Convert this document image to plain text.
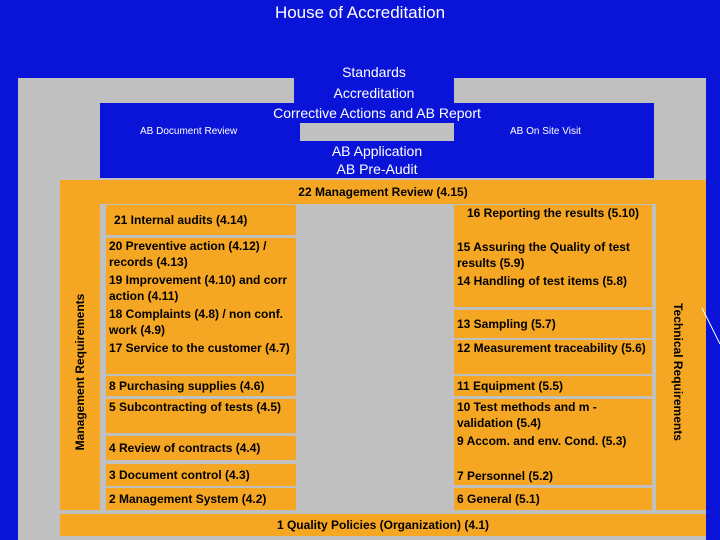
House of Accreditation
Standards
Accreditation
Corrective Actions and AB Report
AB Document Review	AB On Site Visit
AB Application
AB Pre-Audit
22 Management Review (4.15)
Management Requirements	Technical Requirements
21 Internal audits (4.14)
20 Preventive action (4.12) / records (4.13)
19 Improvement (4.10) and corr action (4.11)
18 Complaints (4.8) / non conf. work (4.9)
17 Service to the customer (4.7)
8 Purchasing supplies (4.6)
5 Subcontracting of tests (4.5)
4 Review of contracts (4.4)
3 Document control (4.3)
2 Management System (4.2)
16 Reporting the results (5.10)
15 Assuring the Quality of test results (5.9)
14 Handling of test items (5.8)
13 Sampling (5.7)
12 Measurement traceability (5.6)
11 Equipment (5.5)
10 Test methods and m - validation (5.4)
9 Accom. and env. Cond. (5.3)
7 Personnel (5.2)
6 General (5.1)
1 Quality Policies (Organization) (4.1)
